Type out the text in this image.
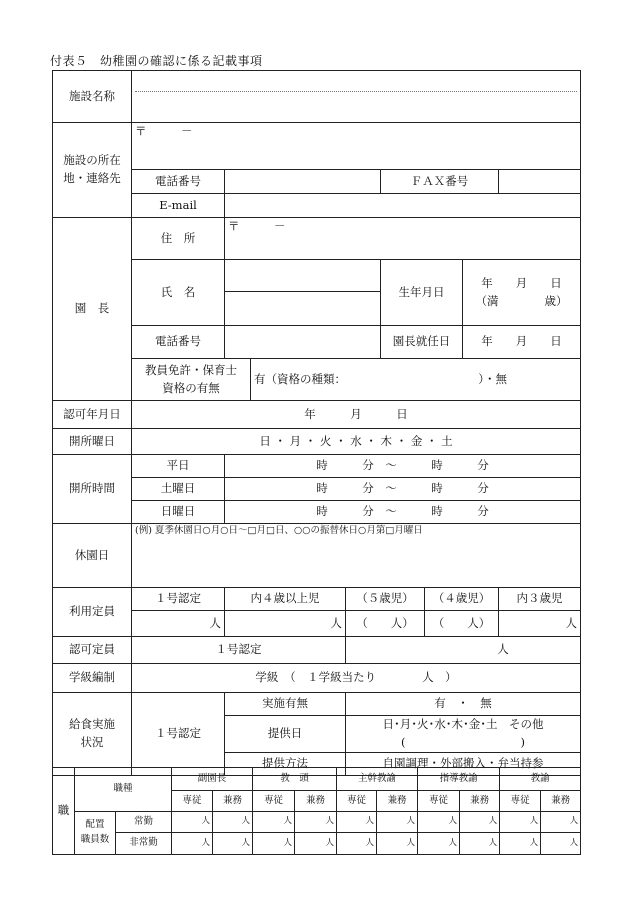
付表５　幼稚園の確認に係る記載事項
施設名称								

施設の所在
地・連絡先	〒　　　－							
	電話番号				ＦＡＸ番号			
	E-mail							
園　長	住　所	〒　　　－						
	氏　名				生年月日		年　　月　　日
（満　　　　歳）	

	電話番号				園長就任日		年　　月　　日	

	教員免許・保育士
資格の有無		有（資格の種類：　　　　　　　　　　　　）・無					
認可年月日	年　　　月　　　日							
開所曜日	日 ・ 月 ・ 火 ・ 水 ・ 木 ・ 金 ・ 土							
開所時間	平日	時　　　分　～　　　時　　　分						
	土曜日	時　　　分　～　　　時　　　分						
	日曜日	時　　　分　～　　　時　　　分						
休園日	(例) 夏季休園日○月○日～□月□日、○○の振替休日○月第□月曜日							
利用定員	１号認定	内４歳以上児		（５歳児）		（４歳児）		内３歳児
	人	人		（　　人）		（　　人）		人
認可定員	１号認定			人				
学級編制	学級　（　１学級当たり　　　　人　）							

給食実施
状況	１号認定	実施有無		有　・　無				
		提供日		日･月･火･水･木･金･土　その他(　　　　　　　　　　)				
		提供方法		自園調理・外部搬入・弁当持参				
職	職種		副園長		教　頭		主幹教諭		指導教諭		教諭	
			専従	兼務	専従	兼務	専従	兼務	専従	兼務	専従	兼務

	配置
職員数	常勤	人	人	人	人	人	人	人	人	人	人
		非常勤	人	人	人	人	人	人	人	人	人	人
